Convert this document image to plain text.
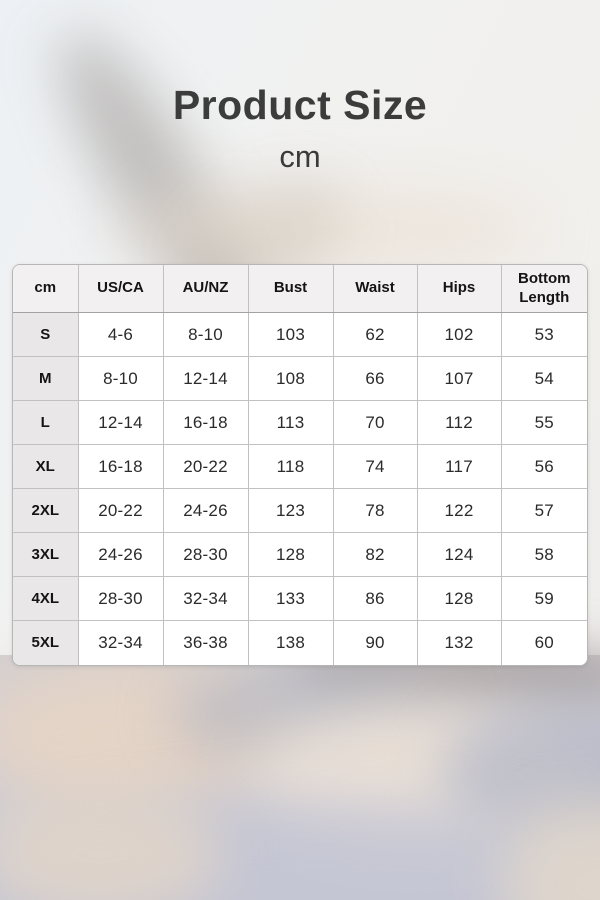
Product Size
cm
cm	US/CA	AU/NZ	Bust	Waist	Hips	Bottom Length
S	4-6	8-10	103	62	102	53
M	8-10	12-14	108	66	107	54
L	12-14	16-18	113	70	112	55
XL	16-18	20-22	118	74	117	56
2XL	20-22	24-26	123	78	122	57
3XL	24-26	28-30	128	82	124	58
4XL	28-30	32-34	133	86	128	59
5XL	32-34	36-38	138	90	132	60
